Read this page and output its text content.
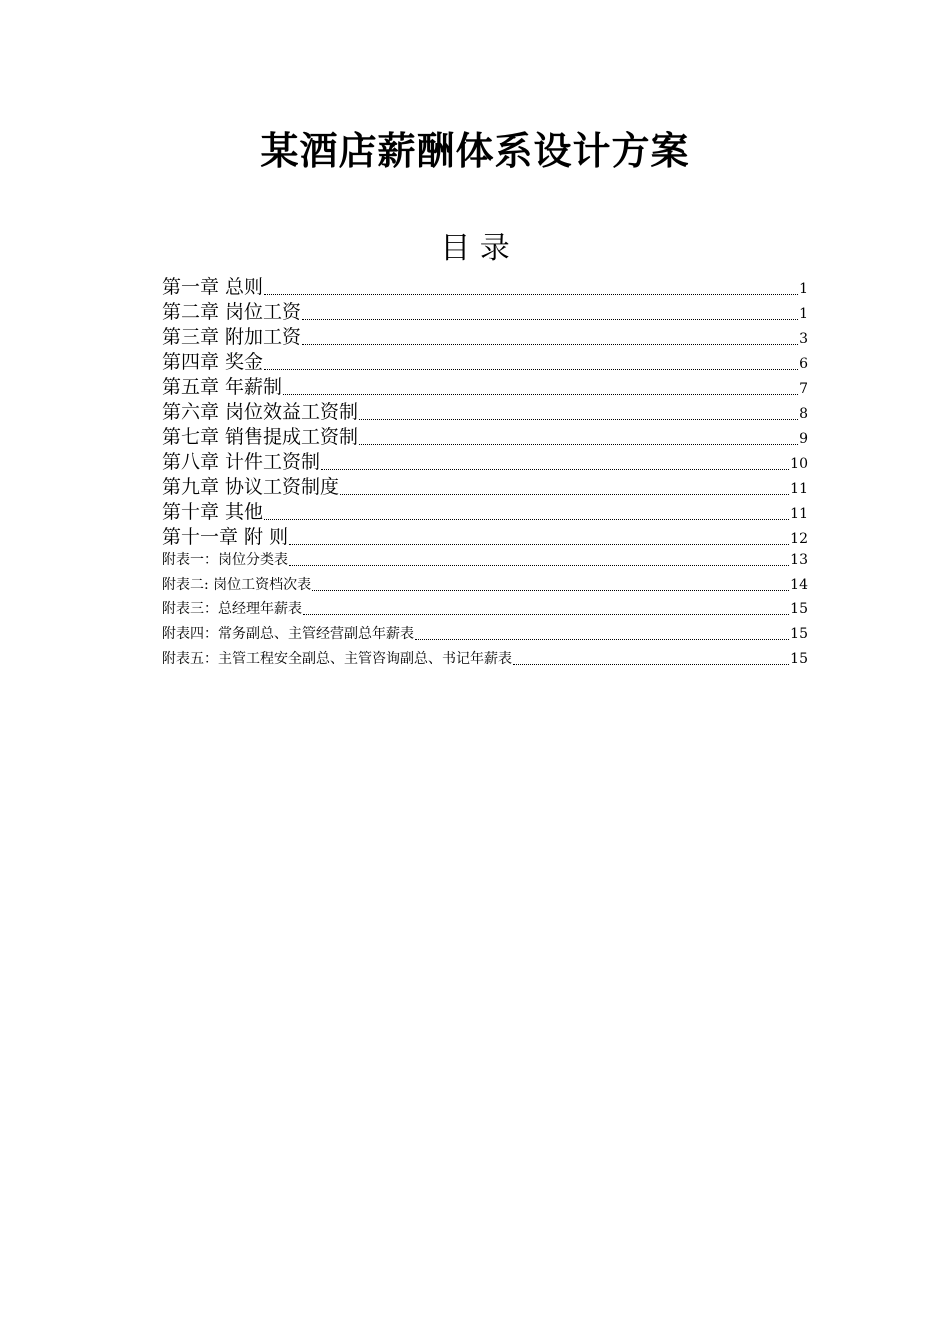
某酒店薪酬体系设计方案
目 录
第一章 总则	1
第二章 岗位工资	1
第三章 附加工资	3
第四章 奖金	6
第五章 年薪制	7
第六章 岗位效益工资制	8
第七章 销售提成工资制	9
第八章 计件工资制	10
第九章 协议工资制度	11
第十章 其他	11
第十一章 附 则	12
附表一：岗位分类表	13
附表二: 岗位工资档次表	14
附表三：总经理年薪表	15
附表四：常务副总、主管经营副总年薪表	15
附表五：主管工程安全副总、主管咨询副总、书记年薪表	15
